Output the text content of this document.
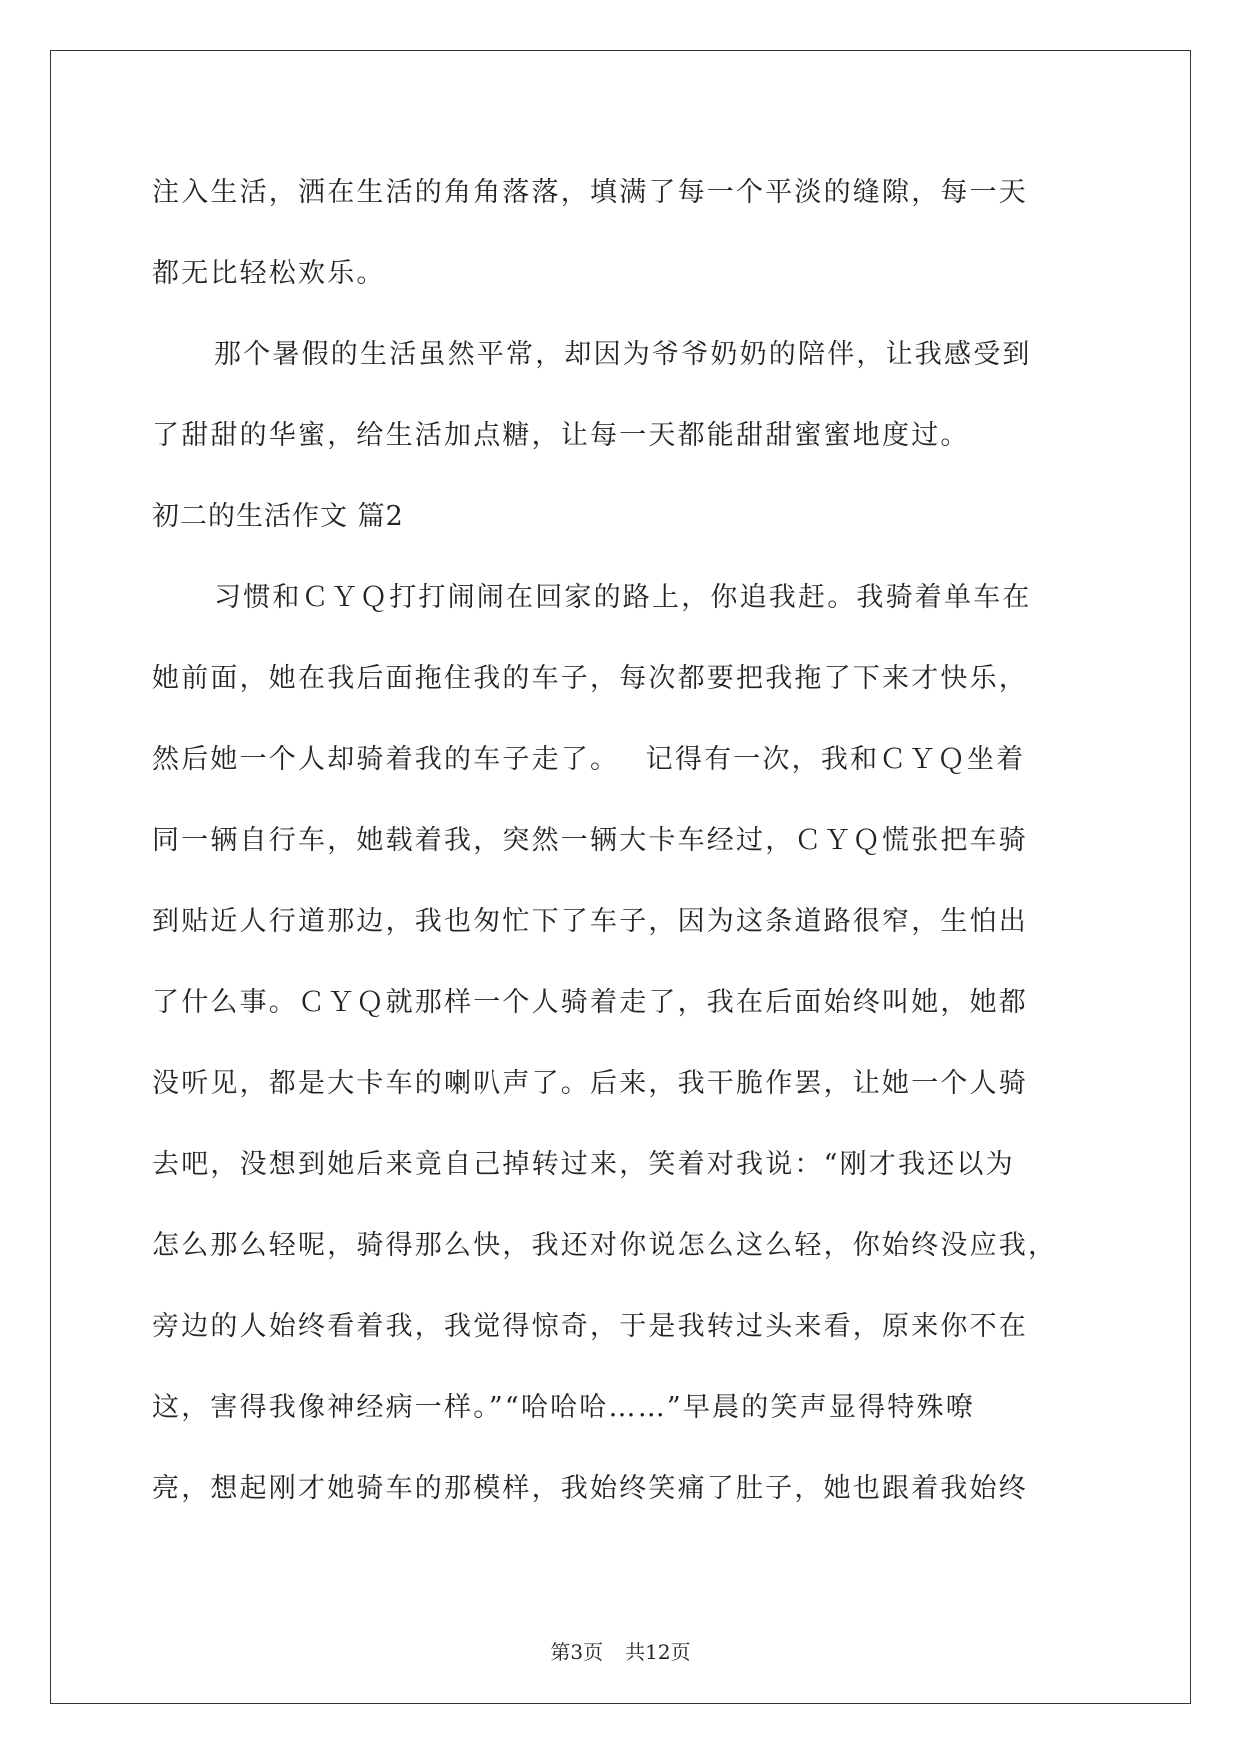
注入生活，洒在生活的角角落落，填满了每一个平淡的缝隙，每一天

都无比轻松欢乐。

那个暑假的生活虽然平常，却因为爷爷奶奶的陪伴，让我感受到

了甜甜的华蜜，给生活加点糖，让每一天都能甜甜蜜蜜地度过。

初二的生活作文 篇2

习惯和ＣＹＱ打打闹闹在回家的路上，你追我赶。我骑着单车在

她前面，她在我后面拖住我的车子，每次都要把我拖了下来才快乐，

然后她一个人却骑着我的车子走了。　 记得有一次，我和ＣＹＱ坐着

同一辆自行车，她载着我，突然一辆大卡车经过，ＣＹＱ慌张把车骑

到贴近人行道那边，我也匆忙下了车子，因为这条道路很窄，生怕出

了什么事。ＣＹＱ就那样一个人骑着走了，我在后面始终叫她，她都

没听见，都是大卡车的喇叭声了。后来，我干脆作罢，让她一个人骑

去吧，没想到她后来竟自己掉转过来，笑着对我说：“刚才我还以为

怎么那么轻呢，骑得那么快，我还对你说怎么这么轻，你始终没应我，

旁边的人始终看着我，我觉得惊奇，于是我转过头来看，原来你不在

这，害得我像神经病一样。”“哈哈哈……”早晨的笑声显得特殊嘹

亮，想起刚才她骑车的那模样，我始终笑痛了肚子，她也跟着我始终

第3页 共12页
